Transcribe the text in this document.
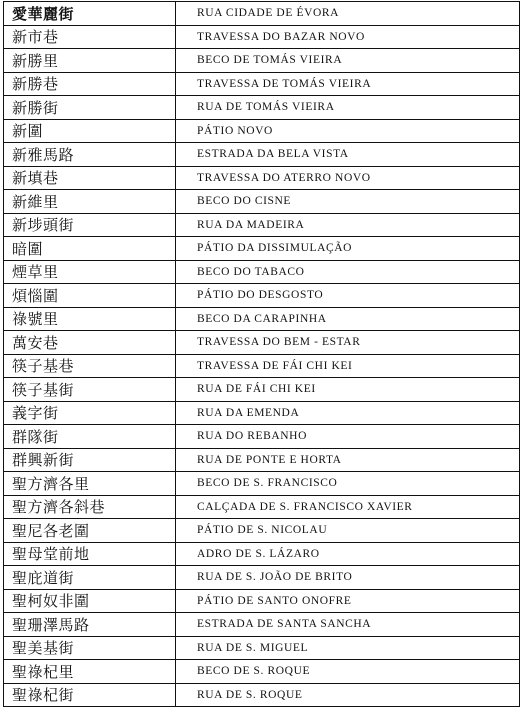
愛華麗街	RUA CIDADE DE ÉVORA
新市巷	TRAVESSA DO BAZAR NOVO
新勝里	BECO DE TOMÁS VIEIRA
新勝巷	TRAVESSA DE TOMÁS VIEIRA
新勝街	RUA DE TOMÁS VIEIRA
新圍	PÁTIO NOVO
新雅馬路	ESTRADA DA BELA VISTA
新填巷	TRAVESSA DO ATERRO NOVO
新維里	BECO DO CISNE
新埗頭街	RUA DA MADEIRA
暗圍	PÁTIO DA DISSIMULAÇÃO
煙草里	BECO DO TABACO
煩惱圍	PÁTIO DO DESGOSTO
祿號里	BECO DA CARAPINHA
萬安巷	TRAVESSA DO BEM - ESTAR
筷子基巷	TRAVESSA DE FÁI CHI KEI
筷子基街	RUA DE FÁI CHI KEI
義字街	RUA DA EMENDA
群隊街	RUA DO REBANHO
群興新街	RUA DE PONTE E HORTA
聖方濟各里	BECO DE S. FRANCISCO
聖方濟各斜巷	CALÇADA DE S. FRANCISCO XAVIER
聖尼各老圍	PÁTIO DE S. NICOLAU
聖母堂前地	ADRO DE S. LÁZARO
聖庇道街	RUA DE S. JOÃO DE BRITO
聖柯奴非圍	PÁTIO DE SANTO ONOFRE
聖珊澤馬路	ESTRADA DE SANTA SANCHA
聖美基街	RUA DE S. MIGUEL
聖祿杞里	BECO DE S. ROQUE
聖祿杞街	RUA DE S. ROQUE
